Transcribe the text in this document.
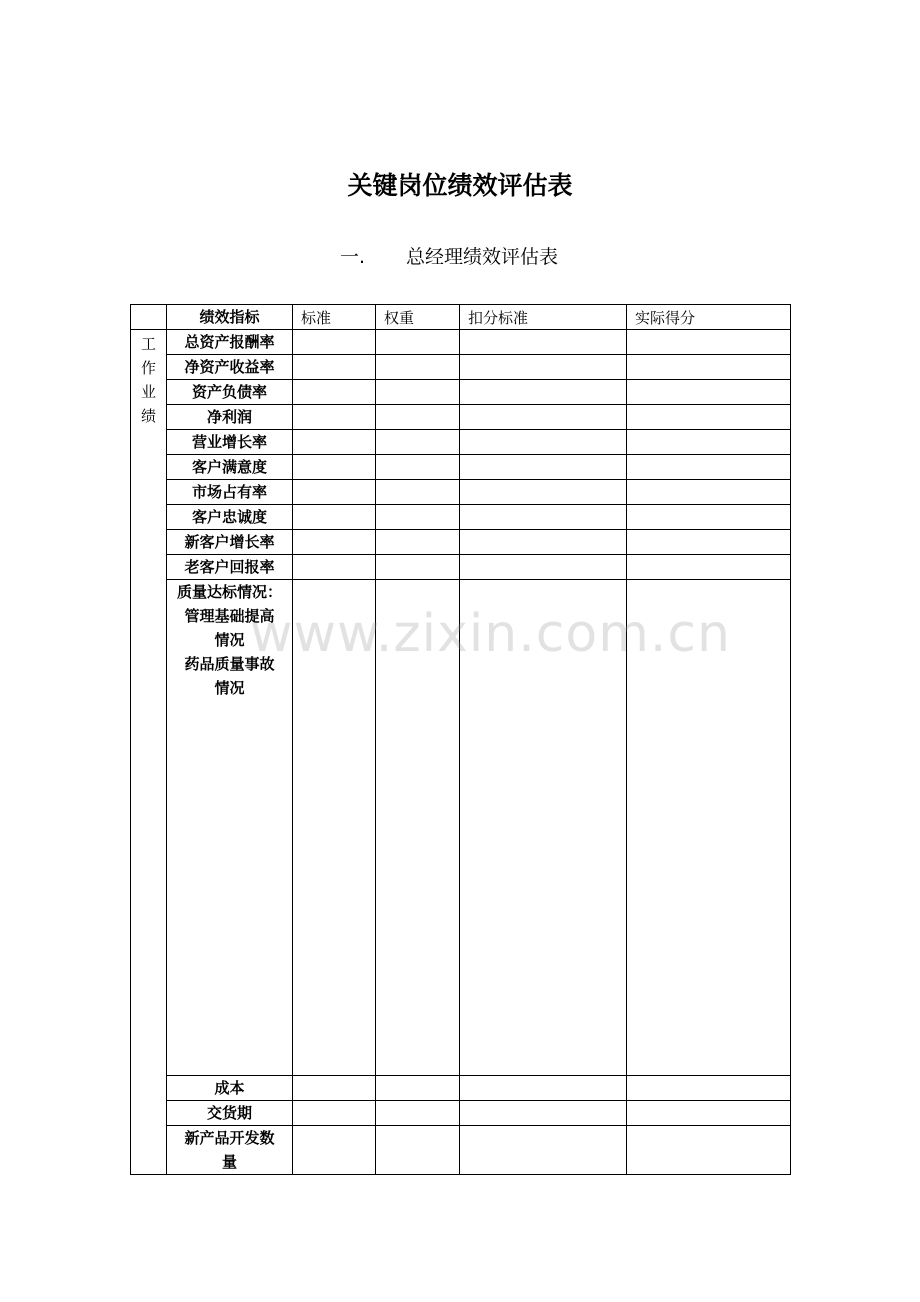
关键岗位绩效评估表
一. 总经理绩效评估表
	绩效指标	标准	权重	扣分标准	实际得分

工
作
业
绩	总资产报酬率				
	净资产收益率				
	资产负债率				
	净利润				
	营业增长率				
	客户满意度				
	市场占有率				
	客户忠诚度				
	新客户增长率				
	老客户回报率				

	质量达标情况：
管理基础提高
情况
药品质量事故
情况				

	成本				
	交货期				

	新产品开发数
量				

www.zixin.com.cn
